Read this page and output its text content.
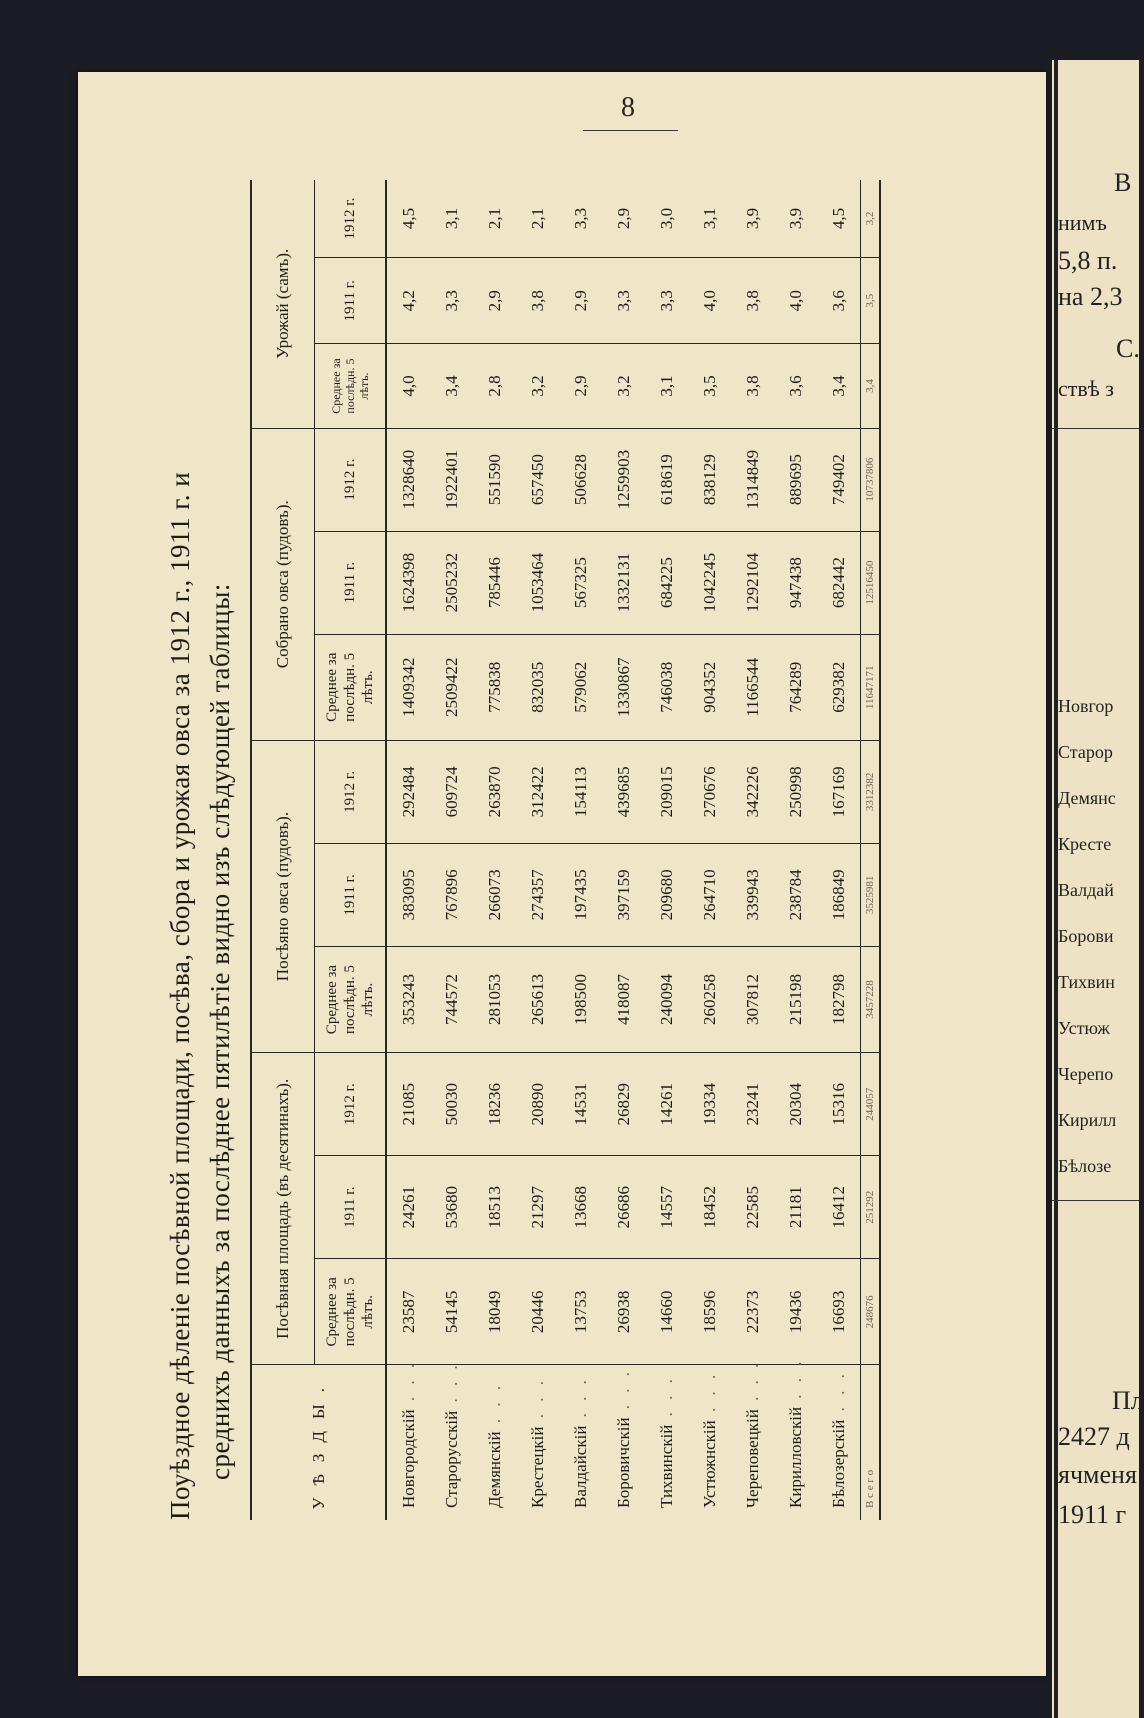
8
В
нимъ
5,8 п.
на 2,3
С.
ствѣ з
Новгор
Старор
Демянс
Кресте
Валдай
Борови
Тихвин
Устюж
Черепо
Кирилл
Бѣлозе
Пл
2427 д
ячменя
1911 г
Поуѣздное дѣленіе посѣвной площади, посѣва, сбора и урожая овса за 1912 г., 1911 г. и среднихъ данныхъ за послѣднее пятилѣтіе видно изъ слѣдующей таблицы:	УѢЗДЫ.	Посѣвная площадь (въ десятинахъ).			Посѣяно овса (пудовъ).			Собрано овса (пудовъ).			Урожай (самъ).		
	Среднее за послѣдн. 5 лѣтъ.	1911 г.	1912 г.	Среднее за послѣдн. 5 лѣтъ.	1911 г.	1912 г.	Среднее за послѣдн. 5 лѣтъ.	1911 г.	1912 г.	Среднее за послѣдн. 5 лѣтъ.	1911 г.	1912 г.
Новгородскій . . .	23587	24261	21085	353243	383095	292484	1409342	1624398	1328640	4,0	4,2	4,5
Старорусскій . . .	54145	53680	50030	744572	767896	609724	2509422	2505232	1922401	3,4	3,3	3,1
Демянскій . . .	18049	18513	18236	281053	266073	263870	775838	785446	551590	2,8	2,9	2,1
Крестецкій . . .	20446	21297	20890	265613	274357	312422	832035	1053464	657450	3,2	3,8	2,1
Валдайскій . . .	13753	13668	14531	198500	197435	154113	579062	567325	506628	2,9	2,9	3,3
Боровичскій . . .	26938	26686	26829	418087	397159	439685	1330867	1332131	1259903	3,2	3,3	2,9
Тихвинскій . . .	14660	14557	14261	240094	209680	209015	746038	684225	618619	3,1	3,3	3,0
Устюжнскій . . .	18596	18452	19334	260258	264710	270676	904352	1042245	838129	3,5	4,0	3,1
Череповецкій . . .	22373	22585	23241	307812	339943	342226	1166544	1292104	1314849	3,8	3,8	3,9
Кирилловскій . . .	19436	21181	20304	215198	238784	250998	764289	947438	889695	3,6	4,0	3,9
Бѣлозерскій . . .	16693	16412	15316	182798	186849	167169	629382	682442	749402	3,4	3,6	4,5
В с е г о	248676	251292	244057	3457228	3525981	3312382	11647171	12516450	10737806	3,4	3,5	3,2
